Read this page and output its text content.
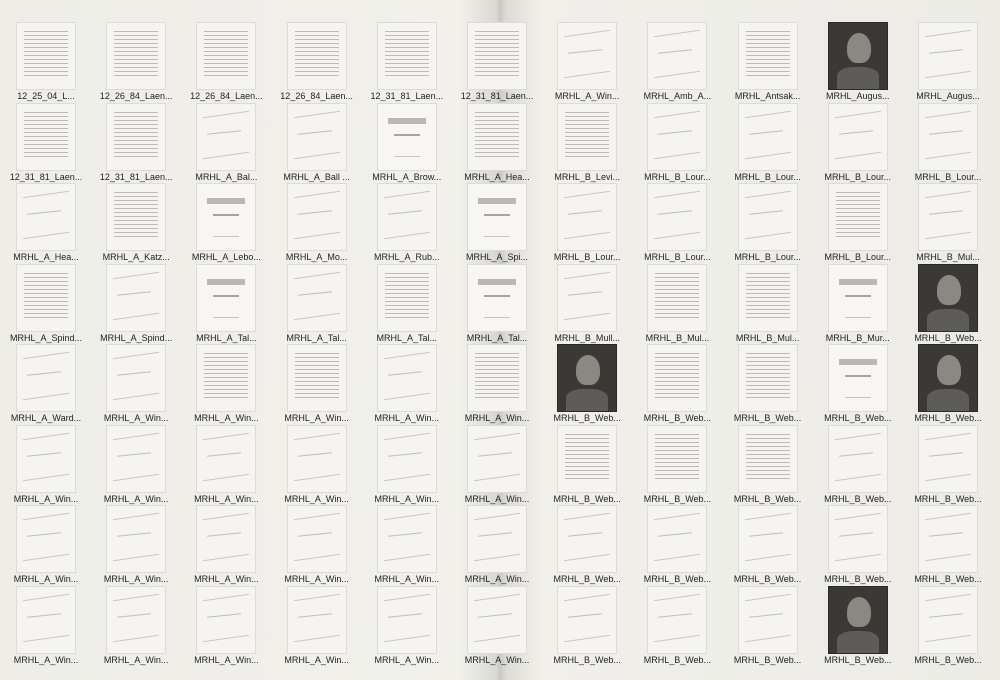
12_25_04_L...	12_26_84_Laen...	12_26_84_Laen...	12_26_84_Laen...	12_31_81_Laen...	12_31_81_Laen...	MRHL_A_Win...	MRHL_Amb_A...	MRHL_Antsak...	MRHL_Augus...	MRHL_Augus...
12_31_81_Laen...	12_31_81_Laen...	MRHL_A_Bal...	MRHL_A_Ball ...	MRHL_A_Brow...	MRHL_A_Hea...	MRHL_B_Levi...	MRHL_B_Lour...	MRHL_B_Lour...	MRHL_B_Lour...	MRHL_B_Lour...
MRHL_A_Hea...	MRHL_A_Katz...	MRHL_A_Lebo...	MRHL_A_Mo...	MRHL_A_Rub...	MRHL_A_Spi...	MRHL_B_Lour...	MRHL_B_Lour...	MRHL_B_Lour...	MRHL_B_Lour...	MRHL_B_Mul...
MRHL_A_Spind...	MRHL_A_Spind...	MRHL_A_Tal...	MRHL_A_Tal...	MRHL_A_Tal...	MRHL_A_Tal...	MRHL_B_Mull...	MRHL_B_Mul...	MRHL_B_Mul...	MRHL_B_Mur...	MRHL_B_Web...
MRHL_A_Ward...	MRHL_A_Win...	MRHL_A_Win...	MRHL_A_Win...	MRHL_A_Win...	MRHL_A_Win...	MRHL_B_Web...	MRHL_B_Web...	MRHL_B_Web...	MRHL_B_Web...	MRHL_B_Web...
MRHL_A_Win...	MRHL_A_Win...	MRHL_A_Win...	MRHL_A_Win...	MRHL_A_Win...	MRHL_A_Win...	MRHL_B_Web...	MRHL_B_Web...	MRHL_B_Web...	MRHL_B_Web...	MRHL_B_Web...
MRHL_A_Win...	MRHL_A_Win...	MRHL_A_Win...	MRHL_A_Win...	MRHL_A_Win...	MRHL_A_Win...	MRHL_B_Web...	MRHL_B_Web...	MRHL_B_Web...	MRHL_B_Web...	MRHL_B_Web...
MRHL_A_Win...	MRHL_A_Win...	MRHL_A_Win...	MRHL_A_Win...	MRHL_A_Win...	MRHL_A_Win...	MRHL_B_Web...	MRHL_B_Web...	MRHL_B_Web...	MRHL_B_Web...	MRHL_B_Web...
